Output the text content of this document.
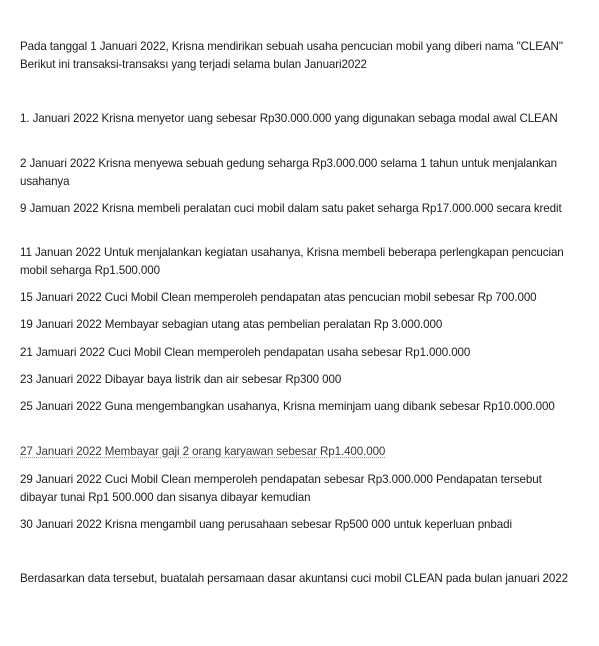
Pada tanggal 1 Januari 2022, Krisna mendirikan sebuah usaha pencucian mobil yang diberi nama "CLEAN" Berikut ini transaksi-transaksı yang terjadi selama bulan Januari2022

1. Januari 2022 Krisna menyetor uang sebesar Rp30.000.000 yang digunakan sebaga modal awal CLEAN

2 Januari 2022 Krisna menyewa sebuah gedung seharga Rp3.000.000 selama 1 tahun untuk menjalankan usahanya

9 Jamuan 2022 Krisna membeli peralatan cuci mobil dalam satu paket seharga Rp17.000.000 secara kredit

11 Januan 2022 Untuk menjalankan kegiatan usahanya, Krisna membeli beberapa perlengkapan pencucian mobil seharga Rp1.500.000

15 Januari 2022 Cuci Mobil Clean memperoleh pendapatan atas pencucian mobil sebesar Rp 700.000

19 Januari 2022 Membayar sebagian utang atas pembelian peralatan Rp 3.000.000

21 Jamuari 2022 Cuci Mobil Clean memperoleh pendapatan usaha sebesar Rp1.000.000

23 Januari 2022 Dibayar baya listrik dan air sebesar Rp300 000

25 Januari 2022 Guna mengembangkan usahanya, Krisna meminjam uang dibank sebesar Rp10.000.000

27 Januari 2022 Membayar gaji 2 orang karyawan sebesar Rp1.400.000

29 Januari 2022 Cuci Mobil Clean memperoleh pendapatan sebesar Rp3.000.000 Pendapatan tersebut dibayar tunai Rp1 500.000 dan sisanya dibayar kemudian

30 Januari 2022 Krisna mengambil uang perusahaan sebesar Rp500 000 untuk keperluan pnbadi

Berdasarkan data tersebut, buatalah persamaan dasar akuntansi cuci mobil CLEAN pada bulan januari 2022
